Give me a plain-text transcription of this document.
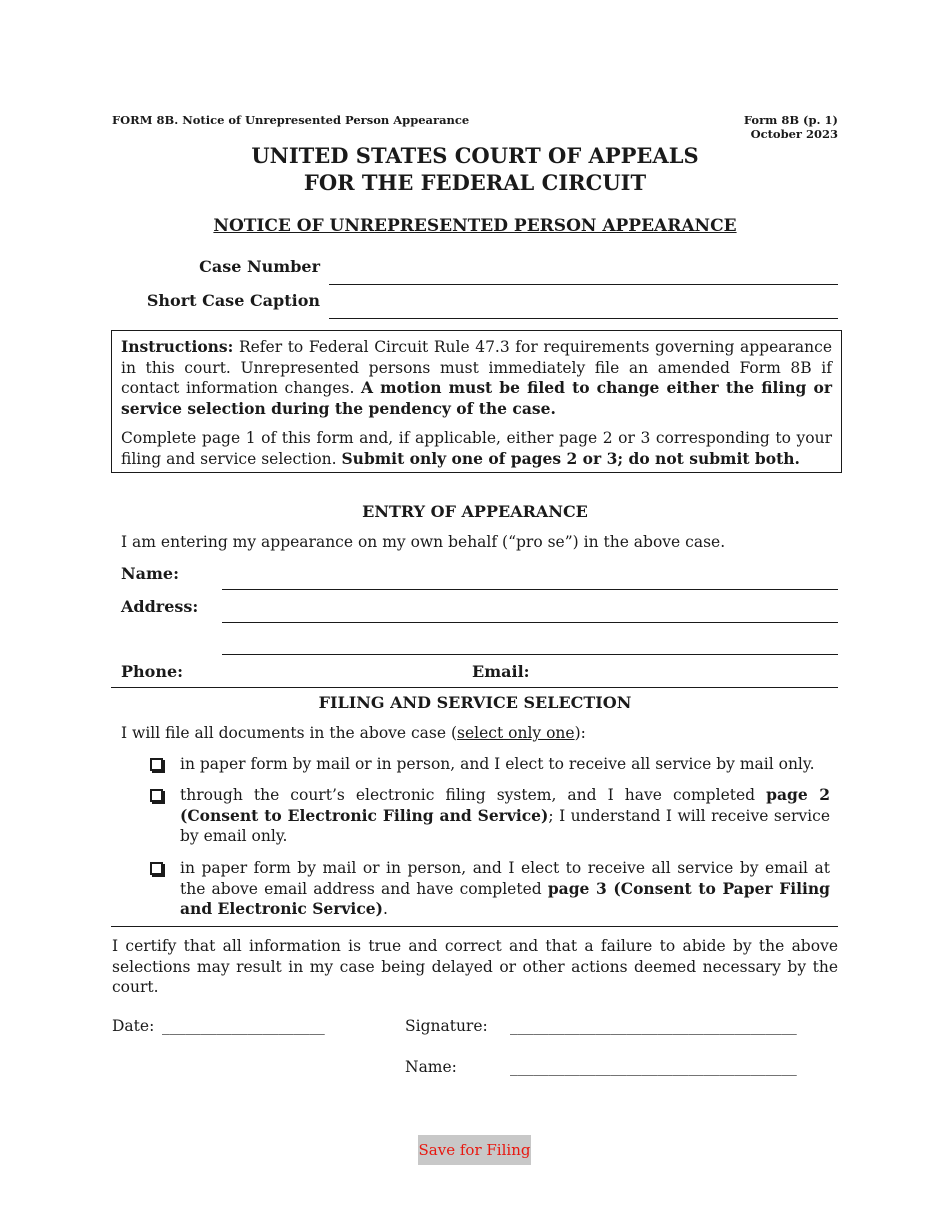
FORM 8B. Notice of Unrepresented Person Appearance	Form 8B (p. 1)
October 2023
UNITED STATES COURT OF APPEALS
FOR THE FEDERAL CIRCUIT
NOTICE OF UNREPRESENTED PERSON APPEARANCE
Case Number
Short Case Caption

Instructions: Refer to Federal Circuit Rule 47.3 for requirements governing appearance in this court. Unrepresented persons must immediately file an amended Form 8B if contact information changes. A motion must be filed to change either the filing or service selection during the pendency of the case.

Complete page 1 of this form and, if applicable, either page 2 or 3 corresponding to your filing and service selection. Submit only one of pages 2 or 3; do not submit both.

ENTRY OF APPEARANCE
I am entering my appearance on my own behalf (“pro se”) in the above case.
Name:
Address:
Phone:	Email:
FILING AND SERVICE SELECTION
I will file all documents in the above case (select only one):
in paper form by mail or in person, and I elect to receive all service by mail only.
through the court’s electronic filing system, and I have completed page 2 (Consent to Electronic Filing and Service); I understand I will receive service by email only.
in paper form by mail or in person, and I elect to receive all service by email at the above email address and have completed page 3 (Consent to Paper Filing and Electronic Service).
I certify that all information is true and correct and that a failure to abide by the above selections may result in my case being delayed or other actions deemed necessary by the court.
Date: _____________________	Signature: _____________________________________
Name:	_____________________________________
Save for Filing
